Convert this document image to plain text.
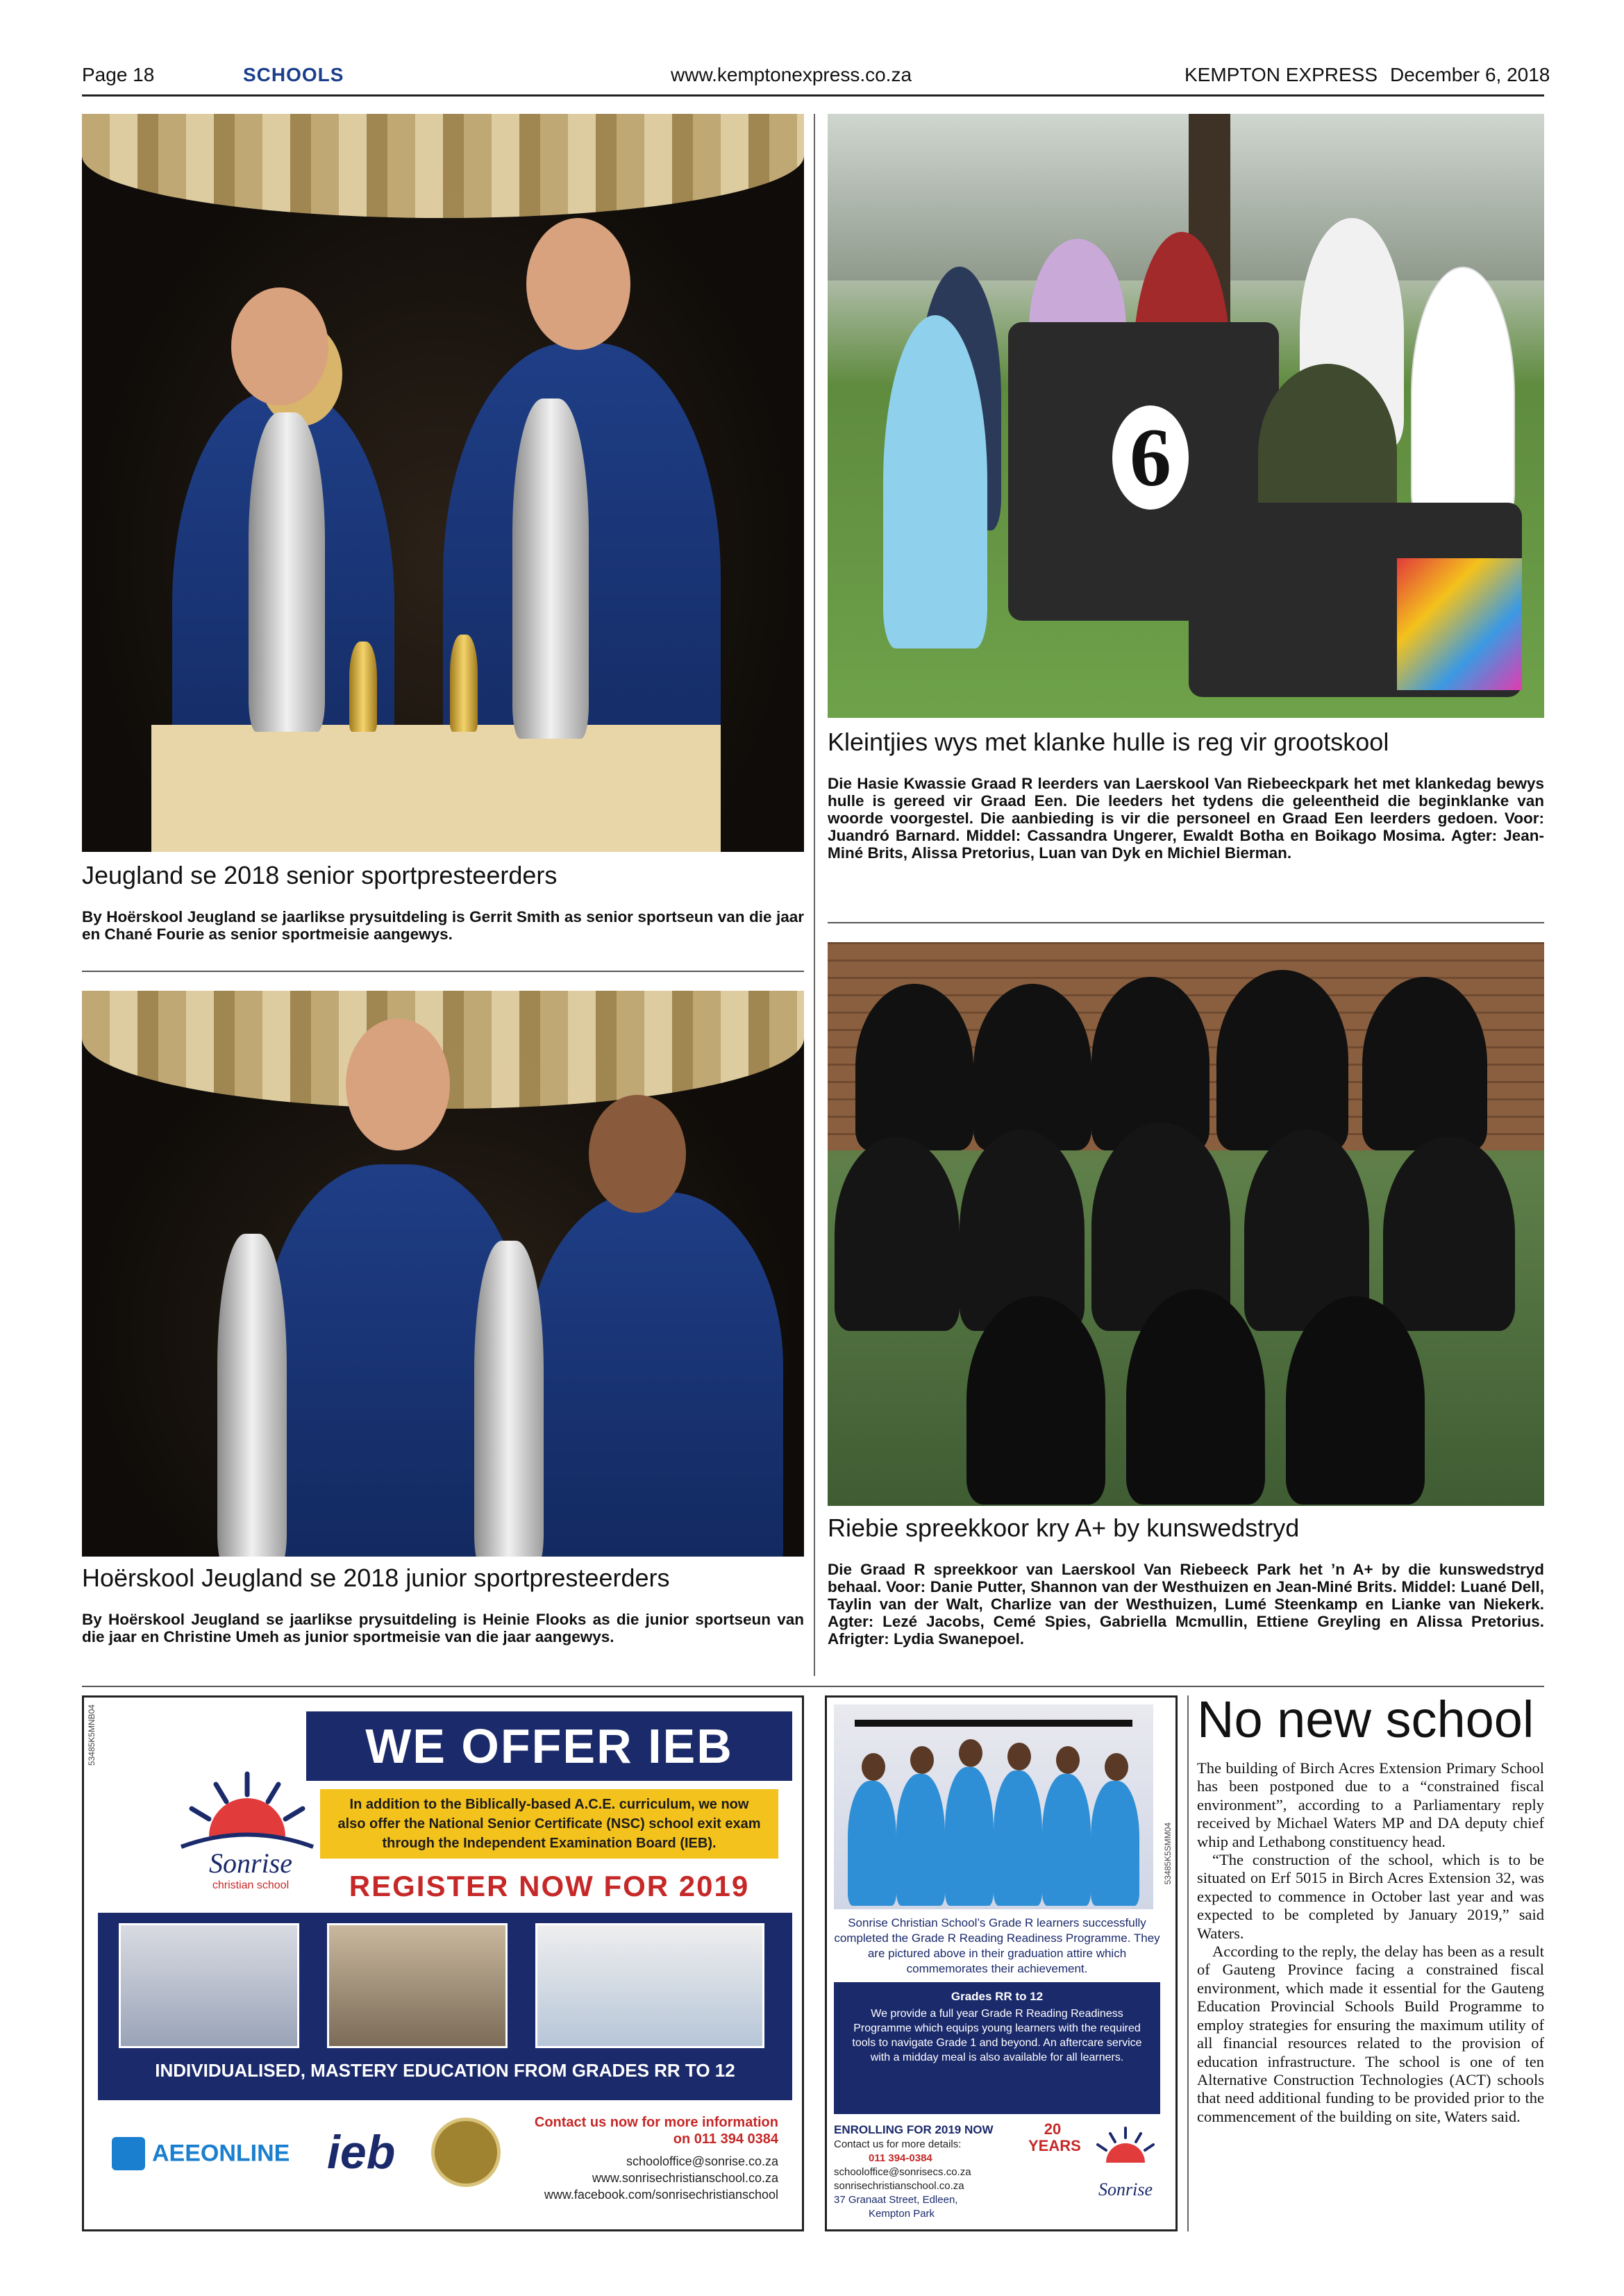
Page 18	SCHOOLS	www.kemptonexpress.co.za	KEMPTON EXPRESS December 6, 2018
Jeugland se 2018 senior sportpresteerders
By Hoërskool Jeugland se jaarlikse prysuitdeling is Gerrit Smith as senior sportseun van die jaar en Chané Fourie as senior sportmeisie aangewys.
Hoërskool Jeugland se 2018 junior sportpresteerders
By Hoërskool Jeugland se jaarlikse prysuitdeling is Heinie Flooks as die junior sportseun van die jaar en Christine Umeh as junior sportmeisie van die jaar aangewys.
6
Kleintjies wys met klanke hulle is reg vir grootskool
Die Hasie Kwassie Graad R leerders van Laerskool Van Riebeeckpark het met klankedag bewys hulle is gereed vir Graad Een. Die leeders het tydens die geleentheid die beginklanke van woorde voorgestel. Die aanbieding is vir die personeel en Graad Een leerders gedoen. Voor: Juandró Barnard. Middel: Cassandra Ungerer, Ewaldt Botha en Boikago Mosima. Agter: Jean-Miné Brits, Alissa Pretorius, Luan van Dyk en Michiel Bierman.
Riebie spreekkoor kry A+ by kunswedstryd
Die Graad R spreekkoor van Laerskool Van Riebeeck Park het ’n A+ by die kunswedstryd behaal. Voor: Danie Putter, Shannon van der Westhuizen en Jean-Miné Brits. Middel: Luané Dell, Taylin van der Walt, Charlize van der Westhuizen, Lumé Steenkamp en Lianke van Niekerk. Agter: Lezé Jacobs, Cemé Spies, Gabriella Mcmullin, Ettiene Greyling en Alissa Pretorius. Afrigter: Lydia Swanepoel.
53485K5MNB04
Sonrise
christian school
WE OFFER IEB
In addition to the Biblically-based A.C.E. curriculum, we now also offer the National Senior Certificate (NSC) school exit exam through the Independent Examination Board (IEB).
REGISTER NOW FOR 2019
INDIVIDUALISED, MASTERY EDUCATION FROM GRADES RR TO 12
AEEONLINE ieb
Contact us now for more information on 011 394 0384
schooloffice@sonrise.co.za
www.sonrisechristianschool.co.za
www.facebook.com/sonrisechristianschool
53485K5SMM04
Sonrise Christian School’s Grade R learners successfully completed the Grade R Reading Readiness Programme. They are pictured above in their graduation attire which commemorates their achievement.
Grades RR to 12
We provide a full year Grade R Reading Readiness Programme which equips young learners with the required tools to navigate Grade 1 and beyond. An aftercare service with a midday meal is also available for all learners.
ENROLLING FOR 2019 NOW
Contact us for more details:
011 394-0384
schooloffice@sonrisecs.co.za
sonrisechristianschool.co.za
37 Granaat Street, Edleen,
Kempton Park
20 YEARS
Sonrise
No new school

The building of Birch Acres Extension Primary School has been postponed due to a “constrained fiscal environment”, according to a Parliamentary reply received by Michael Waters MP and DA deputy chief whip and Lethabong constituency head.

“The construction of the school, which is to be situated on Erf 5015 in Birch Acres Extension 32, was expected to commence in October last year and was expected to be completed by January 2019,” said Waters.

According to the reply, the delay has been as a result of Gauteng Province facing a constrained fiscal environment, which made it essential for the Gauteng Education Provincial Schools Build Programme to employ strategies for ensuring the maximum utility of all financial resources related to the provision of education infrastructure. The school is one of ten Alternative Construction Technologies (ACT) schools that need additional funding to be provided prior to the commencement of the building on site, Waters said.
